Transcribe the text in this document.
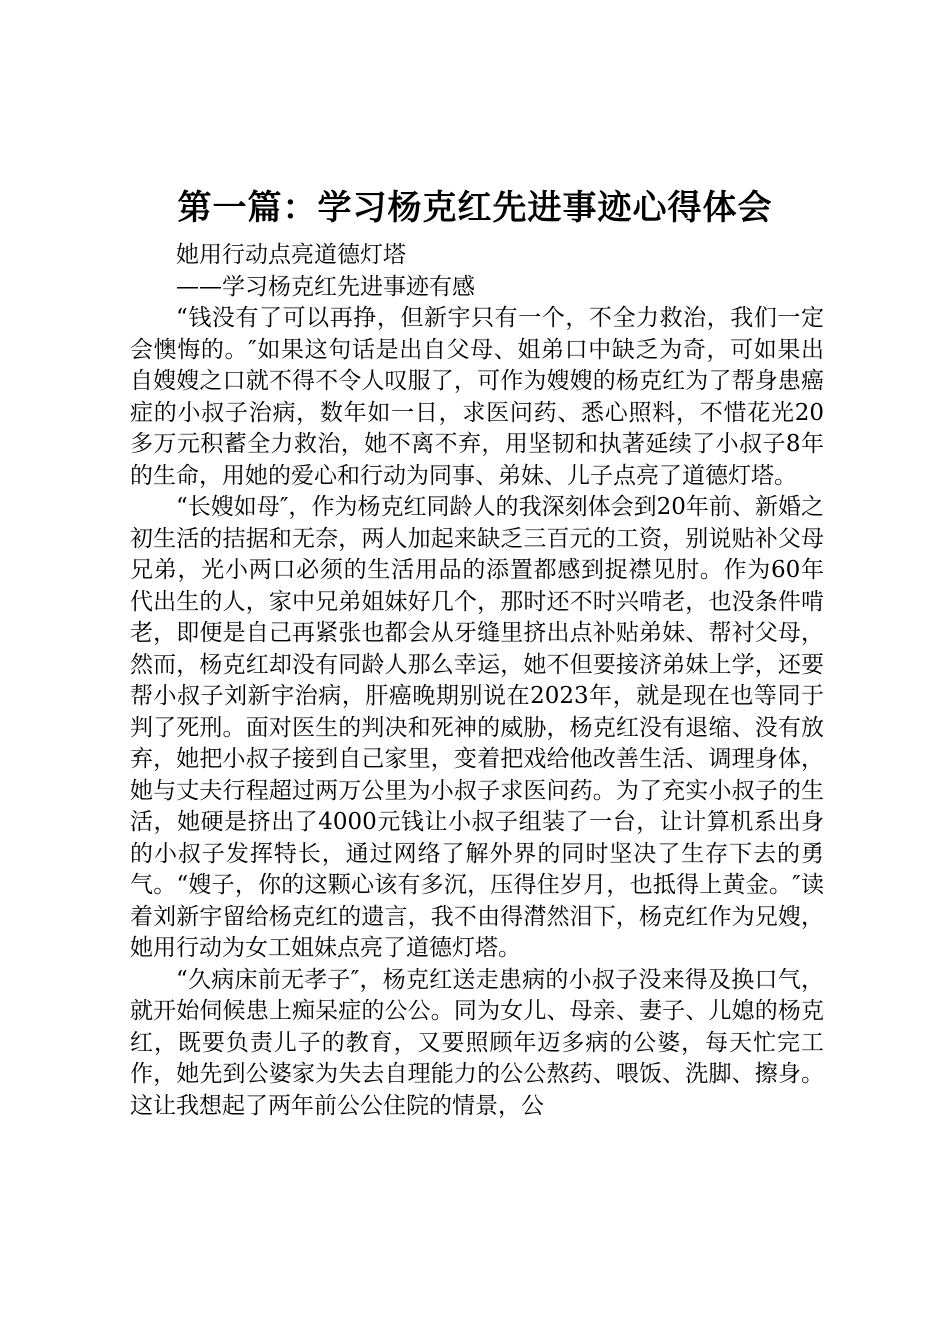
第一篇：学习杨克红先进事迹心得体会

她用行动点亮道德灯塔

——学习杨克红先进事迹有感

“钱没有了可以再挣，但新宇只有一个，不全力救治，我们一定会懊悔的。″如果这句话是出自父母、姐弟口中缺乏为奇，可如果出自嫂嫂之口就不得不令人叹服了，可作为嫂嫂的杨克红为了帮身患癌症的小叔子治病，数年如一日，求医问药、悉心照料，不惜花光20多万元积蓄全力救治，她不离不弃，用坚韧和执著延续了小叔子8年的生命，用她的爱心和行动为同事、弟妹、儿子点亮了道德灯塔。

“长嫂如母″，作为杨克红同龄人的我深刻体会到20年前、新婚之初生活的拮据和无奈，两人加起来缺乏三百元的工资，别说贴补父母兄弟，光小两口必须的生活用品的添置都感到捉襟见肘。作为60年代出生的人，家中兄弟姐妹好几个，那时还不时兴啃老，也没条件啃老，即便是自己再紧张也都会从牙缝里挤出点补贴弟妹、帮衬父母，然而，杨克红却没有同龄人那么幸运，她不但要接济弟妹上学，还要帮小叔子刘新宇治病，肝癌晚期别说在2023年，就是现在也等同于判了死刑。面对医生的判决和死神的威胁，杨克红没有退缩、没有放弃，她把小叔子接到自己家里，变着把戏给他改善生活、调理身体，她与丈夫行程超过两万公里为小叔子求医问药。为了充实小叔子的生活，她硬是挤出了4000元钱让小叔子组装了一台，让计算机系出身的小叔子发挥特长，通过网络了解外界的同时坚决了生存下去的勇气。“嫂子，你的这颗心该有多沉，压得住岁月，也抵得上黄金。″读着刘新宇留给杨克红的遗言，我不由得潸然泪下，杨克红作为兄嫂，她用行动为女工姐妹点亮了道德灯塔。

“久病床前无孝子″，杨克红送走患病的小叔子没来得及换口气，就开始伺候患上痴呆症的公公。同为女儿、母亲、妻子、儿媳的杨克红，既要负责儿子的教育，又要照顾年迈多病的公婆，每天忙完工作，她先到公婆家为失去自理能力的公公熬药、喂饭、洗脚、擦身。这让我想起了两年前公公住院的情景，公
